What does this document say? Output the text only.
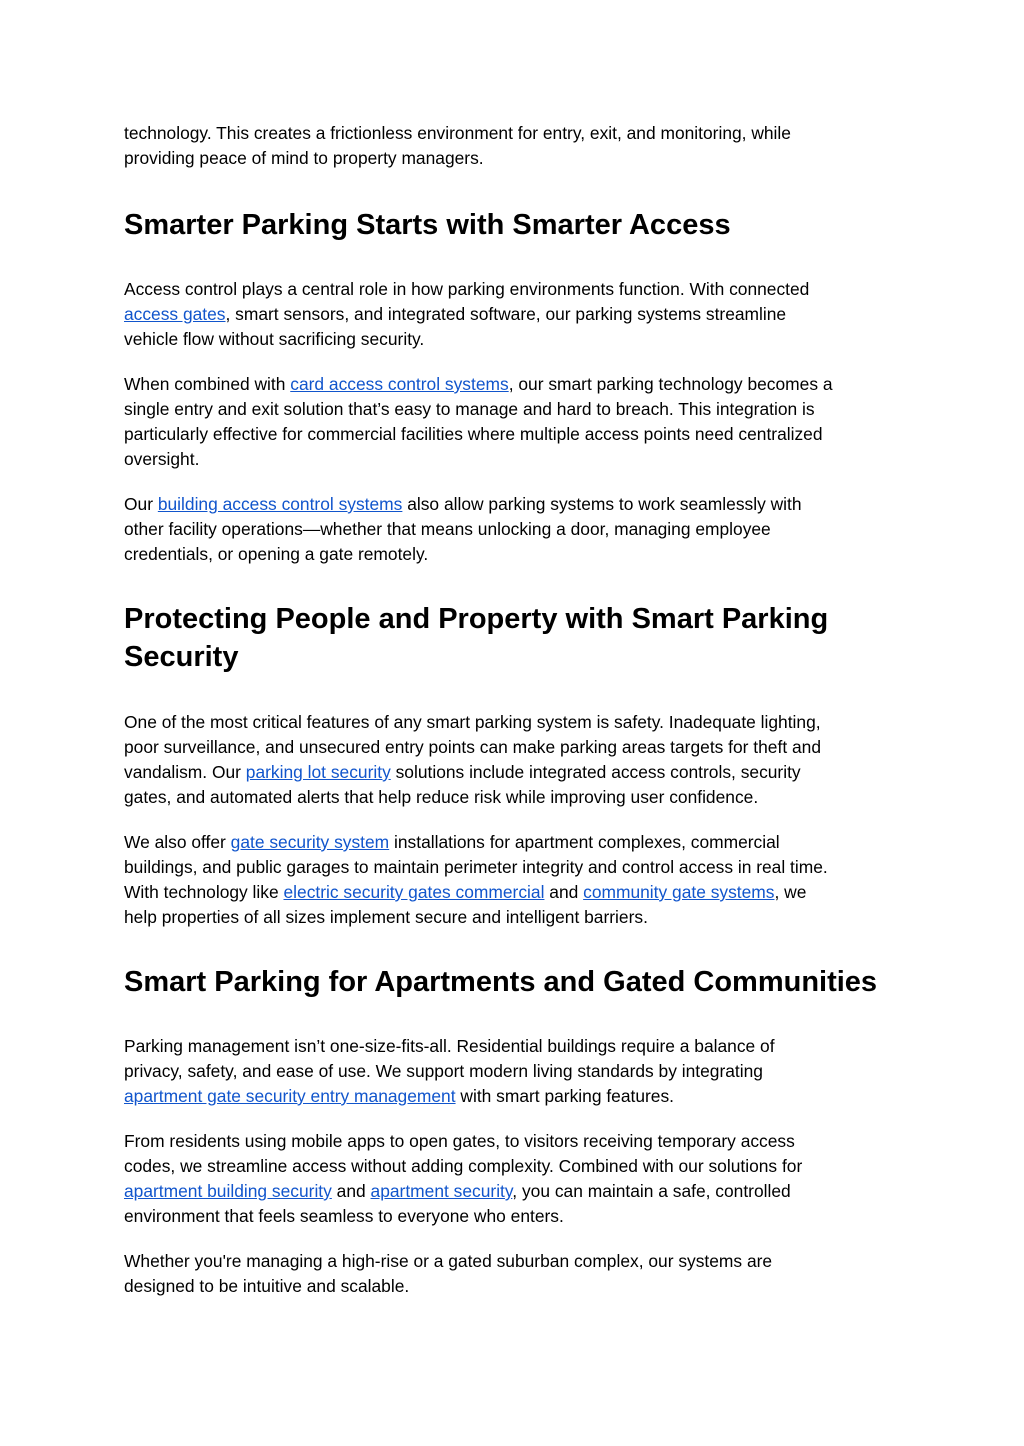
technology. This creates a frictionless environment for entry, exit, and monitoring, while
providing peace of mind to property managers.

Smarter Parking Starts with Smarter Access

Access control plays a central role in how parking environments function. With connected
access gates, smart sensors, and integrated software, our parking systems streamline
vehicle flow without sacrificing security.

When combined with card access control systems, our smart parking technology becomes a
single entry and exit solution that’s easy to manage and hard to breach. This integration is
particularly effective for commercial facilities where multiple access points need centralized
oversight.

Our building access control systems also allow parking systems to work seamlessly with
other facility operations—whether that means unlocking a door, managing employee
credentials, or opening a gate remotely.

Protecting People and Property with Smart Parking
Security

One of the most critical features of any smart parking system is safety. Inadequate lighting,
poor surveillance, and unsecured entry points can make parking areas targets for theft and
vandalism. Our parking lot security solutions include integrated access controls, security
gates, and automated alerts that help reduce risk while improving user confidence.

We also offer gate security system installations for apartment complexes, commercial
buildings, and public garages to maintain perimeter integrity and control access in real time.
With technology like electric security gates commercial and community gate systems, we
help properties of all sizes implement secure and intelligent barriers.

Smart Parking for Apartments and Gated Communities

Parking management isn’t one-size-fits-all. Residential buildings require a balance of
privacy, safety, and ease of use. We support modern living standards by integrating
apartment gate security entry management with smart parking features.

From residents using mobile apps to open gates, to visitors receiving temporary access
codes, we streamline access without adding complexity. Combined with our solutions for
apartment building security and apartment security, you can maintain a safe, controlled
environment that feels seamless to everyone who enters.

Whether you're managing a high-rise or a gated suburban complex, our systems are
designed to be intuitive and scalable.
